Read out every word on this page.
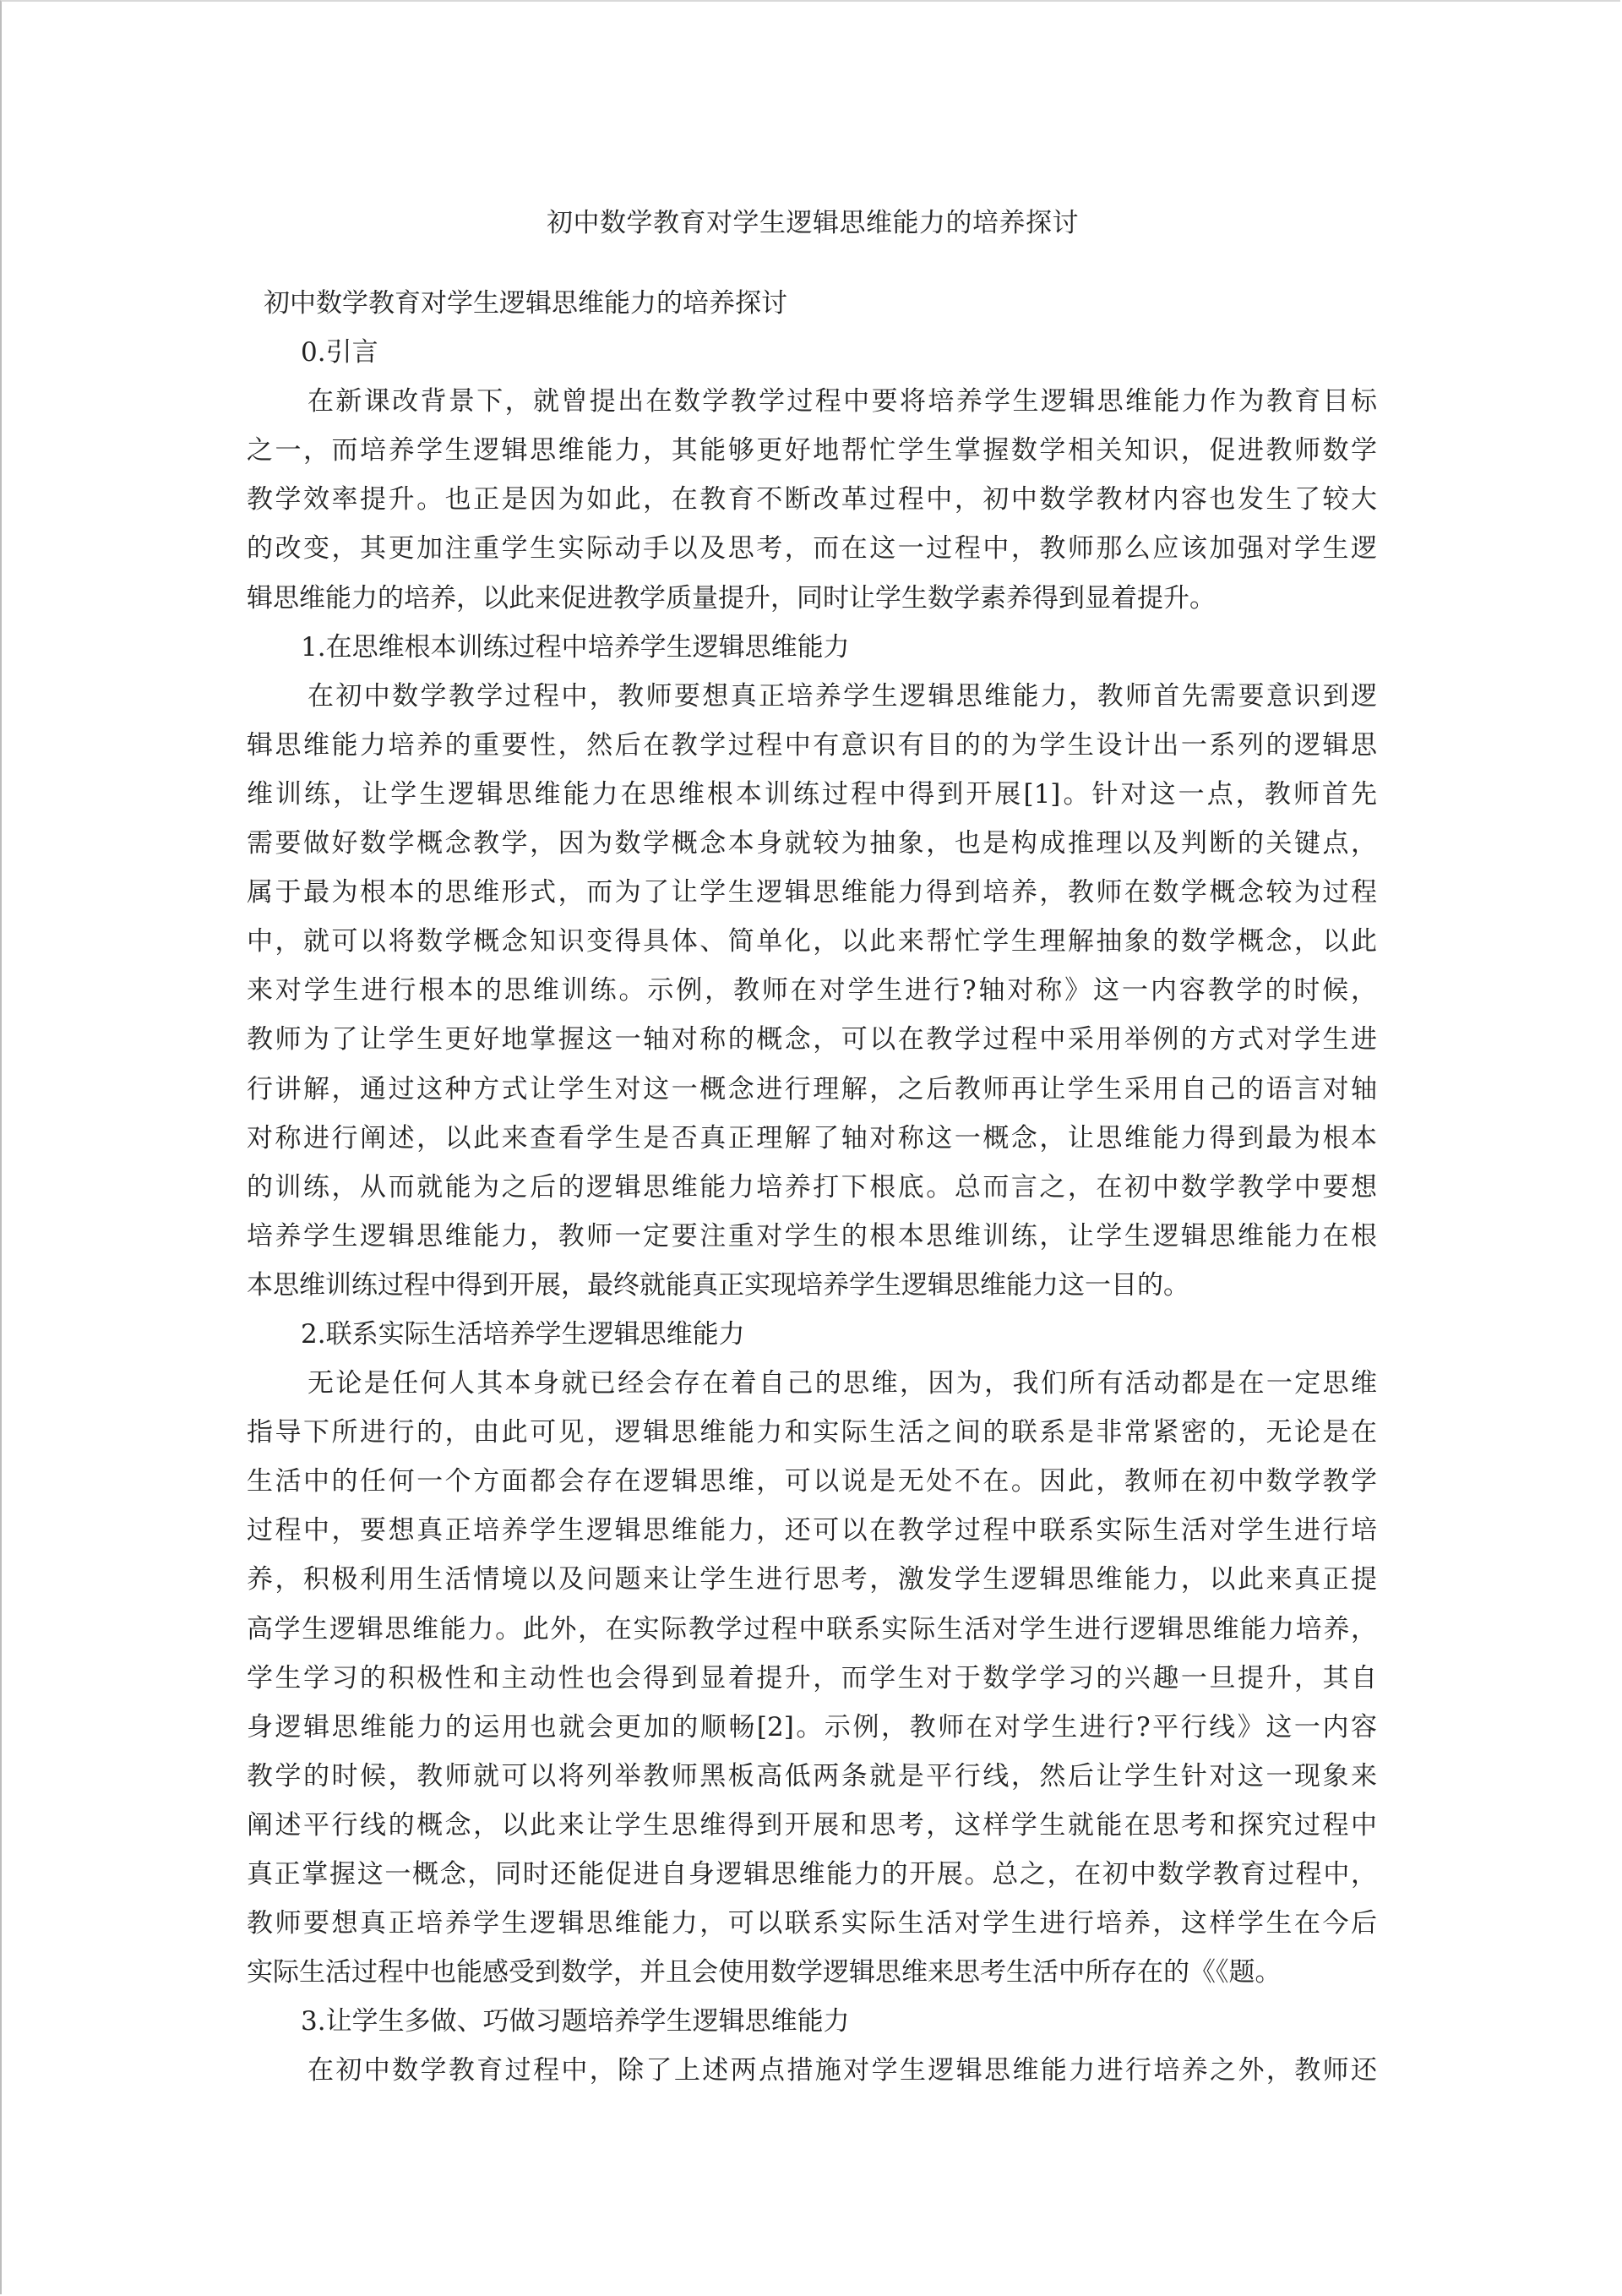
初中数学教育对学生逻辑思维能力的培养探讨
初中数学教育对学生逻辑思维能力的培养探讨
0.引言
在新课改背景下，就曾提出在数学教学过程中要将培养学生逻辑思维能力作为教育目标
之一，而培养学生逻辑思维能力，其能够更好地帮忙学生掌握数学相关知识，促进教师数学
教学效率提升。也正是因为如此，在教育不断改革过程中，初中数学教材内容也发生了较大
的改变，其更加注重学生实际动手以及思考，而在这一过程中，教师那么应该加强对学生逻
辑思维能力的培养，以此来促进教学质量提升，同时让学生数学素养得到显着提升。
1.在思维根本训练过程中培养学生逻辑思维能力
在初中数学教学过程中，教师要想真正培养学生逻辑思维能力，教师首先需要意识到逻
辑思维能力培养的重要性，然后在教学过程中有意识有目的的为学生设计出一系列的逻辑思
维训练，让学生逻辑思维能力在思维根本训练过程中得到开展[1]。针对这一点，教师首先
需要做好数学概念教学，因为数学概念本身就较为抽象，也是构成推理以及判断的关键点，
属于最为根本的思维形式，而为了让学生逻辑思维能力得到培养，教师在数学概念较为过程
中，就可以将数学概念知识变得具体、简单化，以此来帮忙学生理解抽象的数学概念，以此
来对学生进行根本的思维训练。示例，教师在对学生进行?轴对称》这一内容教学的时候，
教师为了让学生更好地掌握这一轴对称的概念，可以在教学过程中采用举例的方式对学生进
行讲解，通过这种方式让学生对这一概念进行理解，之后教师再让学生采用自己的语言对轴
对称进行阐述，以此来查看学生是否真正理解了轴对称这一概念，让思维能力得到最为根本
的训练，从而就能为之后的逻辑思维能力培养打下根底。总而言之，在初中数学教学中要想
培养学生逻辑思维能力，教师一定要注重对学生的根本思维训练，让学生逻辑思维能力在根
本思维训练过程中得到开展，最终就能真正实现培养学生逻辑思维能力这一目的。
2.联系实际生活培养学生逻辑思维能力
无论是任何人其本身就已经会存在着自己的思维，因为，我们所有活动都是在一定思维
指导下所进行的，由此可见，逻辑思维能力和实际生活之间的联系是非常紧密的，无论是在
生活中的任何一个方面都会存在逻辑思维，可以说是无处不在。因此，教师在初中数学教学
过程中，要想真正培养学生逻辑思维能力，还可以在教学过程中联系实际生活对学生进行培
养，积极利用生活情境以及问题来让学生进行思考，激发学生逻辑思维能力，以此来真正提
高学生逻辑思维能力。此外，在实际教学过程中联系实际生活对学生进行逻辑思维能力培养，
学生学习的积极性和主动性也会得到显着提升，而学生对于数学学习的兴趣一旦提升，其自
身逻辑思维能力的运用也就会更加的顺畅[2]。示例，教师在对学生进行?平行线》这一内容
教学的时候，教师就可以将列举教师黑板高低两条就是平行线，然后让学生针对这一现象来
阐述平行线的概念，以此来让学生思维得到开展和思考，这样学生就能在思考和探究过程中
真正掌握这一概念，同时还能促进自身逻辑思维能力的开展。总之，在初中数学教育过程中，
教师要想真正培养学生逻辑思维能力，可以联系实际生活对学生进行培养，这样学生在今后
实际生活过程中也能感受到数学，并且会使用数学逻辑思维来思考生活中所存在的《《题。
3.让学生多做、巧做习题培养学生逻辑思维能力
在初中数学教育过程中，除了上述两点措施对学生逻辑思维能力进行培养之外，教师还
